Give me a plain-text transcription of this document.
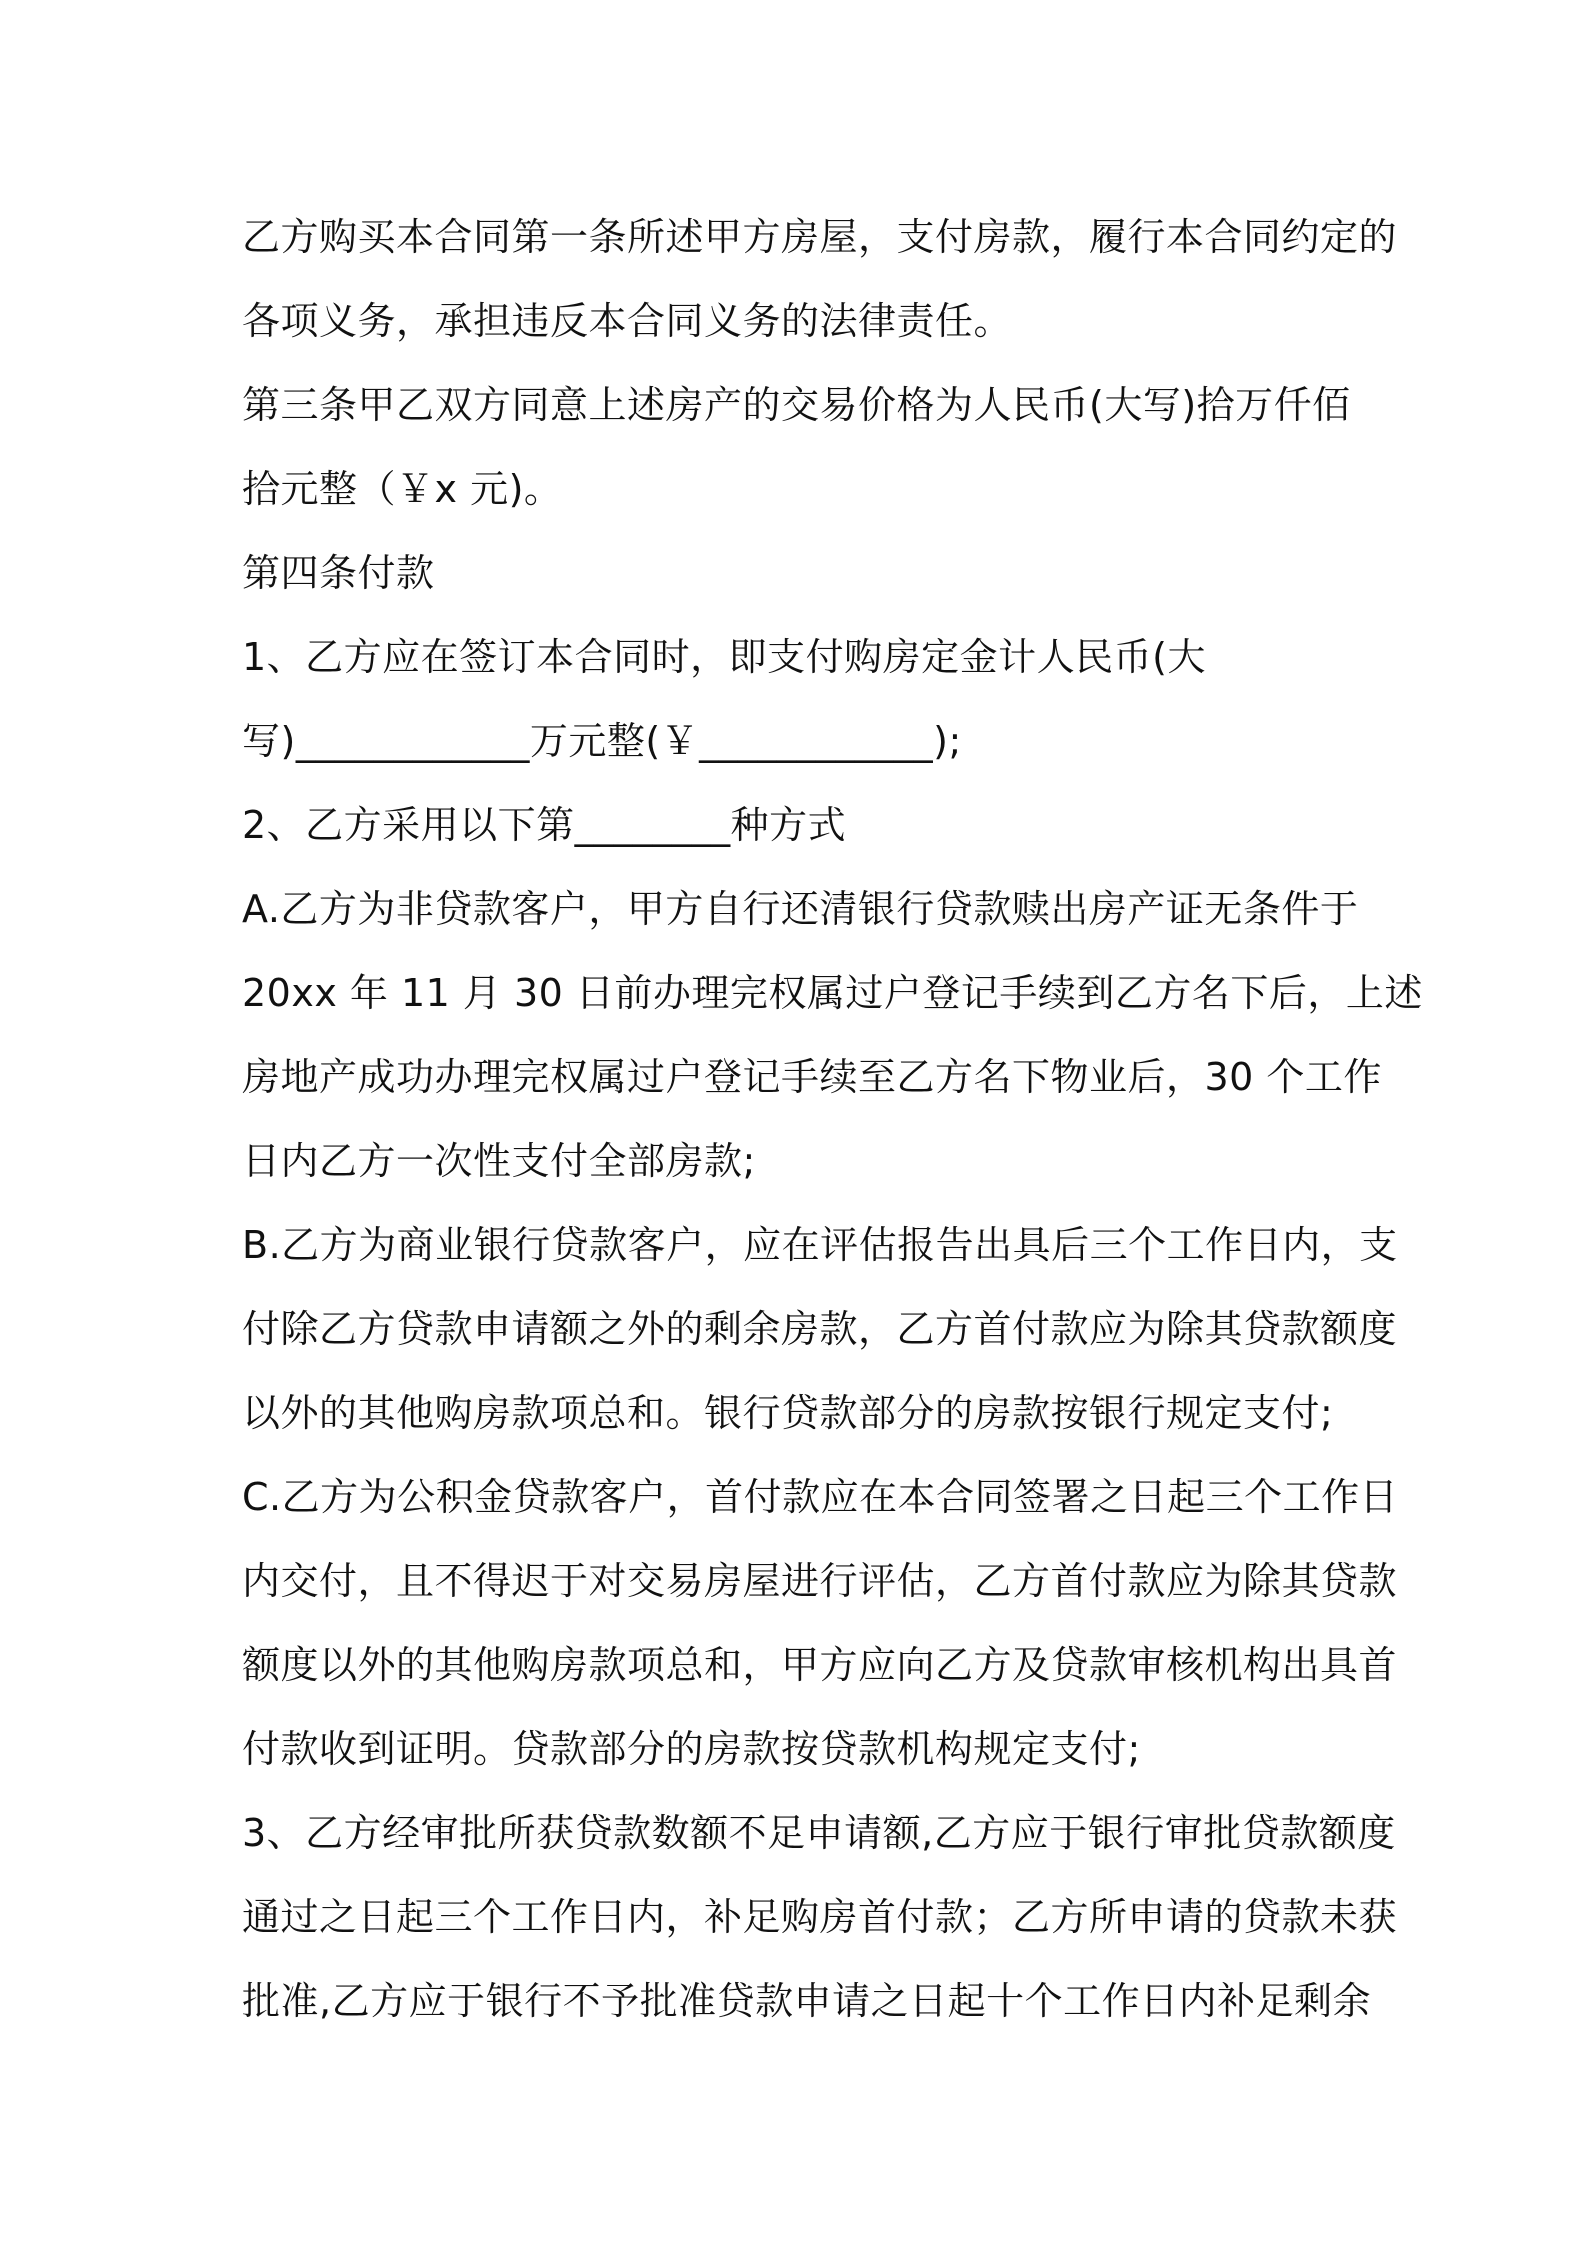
乙方购买本合同第一条所述甲方房屋，支付房款，履行本合同约定的
各项义务，承担违反本合同义务的法律责任。
第三条甲乙双方同意上述房产的交易价格为人民币(大写)拾万仟佰
拾元整（￥x 元)。
第四条付款
1、乙方应在签订本合同时，即支付购房定金计人民币(大
写)____________万元整(￥____________);
2、乙方采用以下第________种方式
A.乙方为非贷款客户，甲方自行还清银行贷款赎出房产证无条件于
20xx 年 11 月 30 日前办理完权属过户登记手续到乙方名下后，上述
房地产成功办理完权属过户登记手续至乙方名下物业后，30 个工作
日内乙方一次性支付全部房款;
B.乙方为商业银行贷款客户，应在评估报告出具后三个工作日内，支
付除乙方贷款申请额之外的剩余房款，乙方首付款应为除其贷款额度
以外的其他购房款项总和。银行贷款部分的房款按银行规定支付;
C.乙方为公积金贷款客户，首付款应在本合同签署之日起三个工作日
内交付，且不得迟于对交易房屋进行评估，乙方首付款应为除其贷款
额度以外的其他购房款项总和，甲方应向乙方及贷款审核机构出具首
付款收到证明。贷款部分的房款按贷款机构规定支付;
3、乙方经审批所获贷款数额不足申请额,乙方应于银行审批贷款额度
通过之日起三个工作日内，补足购房首付款；乙方所申请的贷款未获
批准,乙方应于银行不予批准贷款申请之日起十个工作日内补足剩余
